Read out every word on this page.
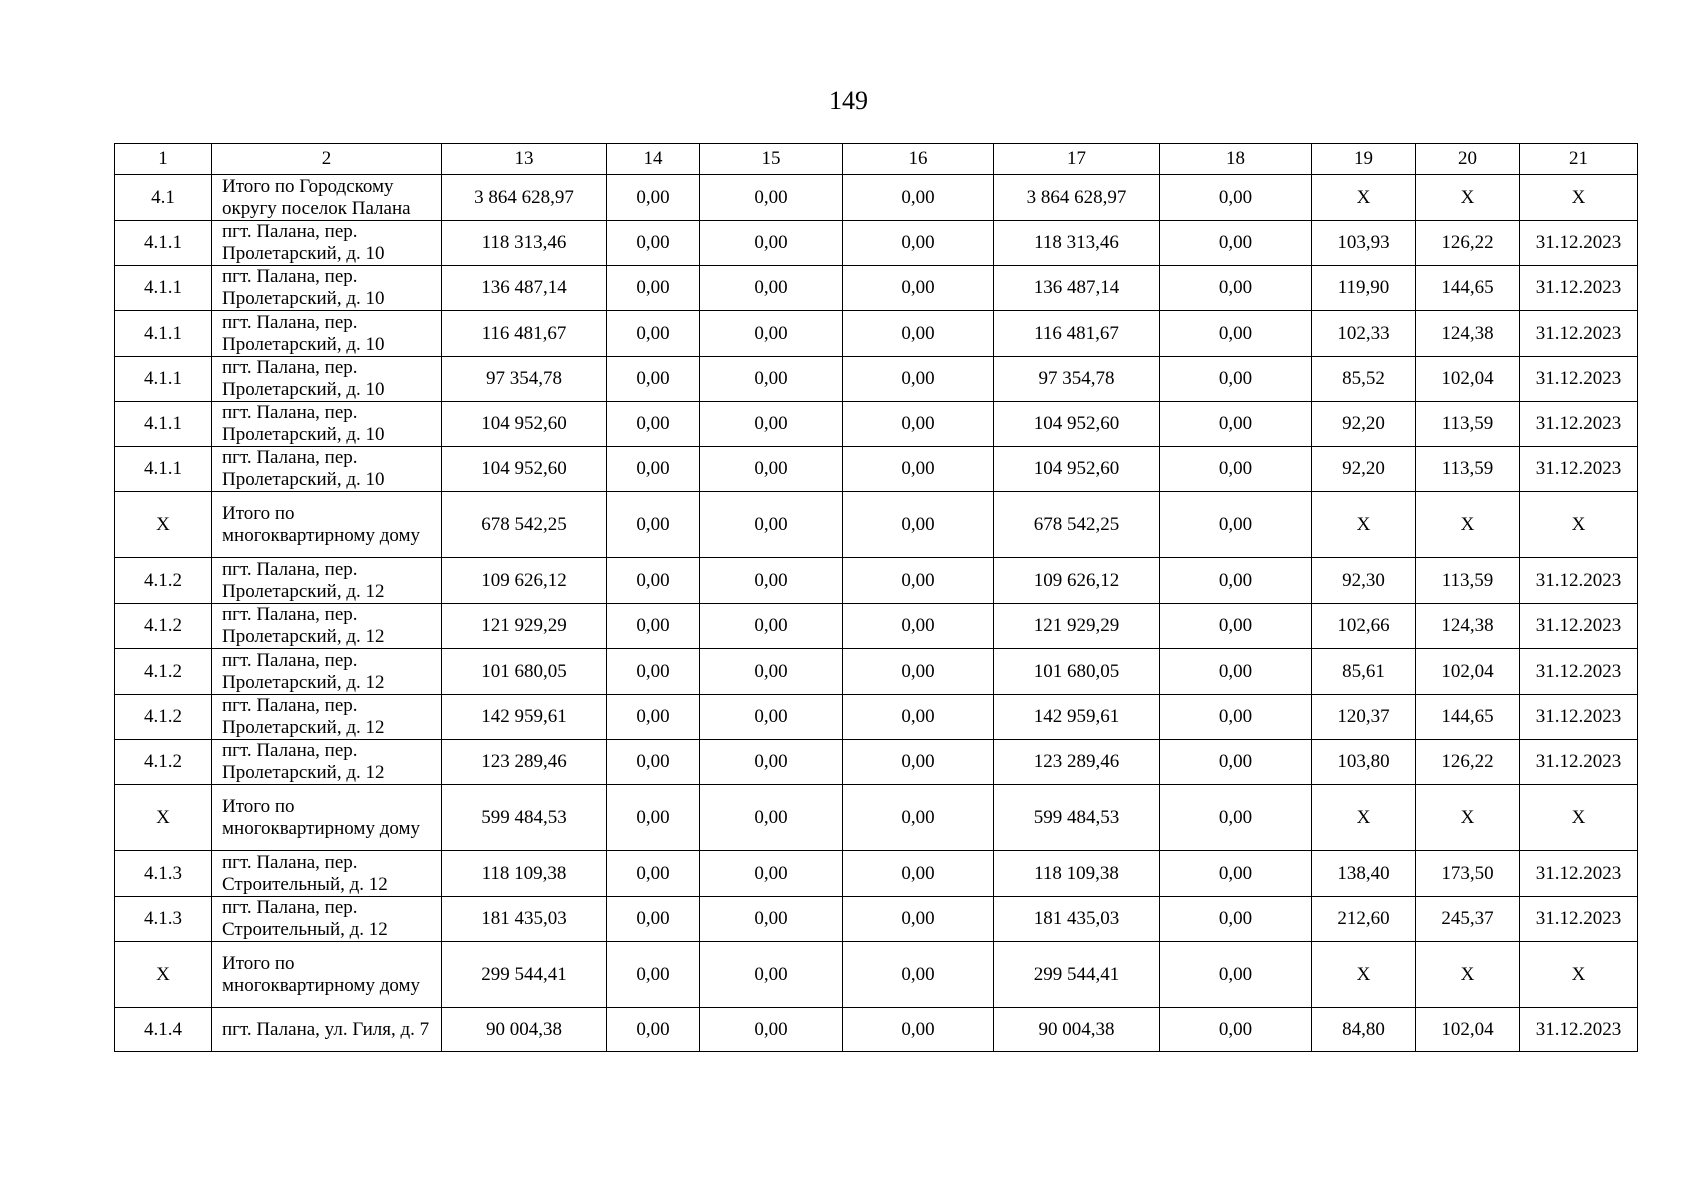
149
1	2	13	14	15	16	17	18	19	20	21
4.1	Итого по Городскому округу поселок Палана	3 864 628,97	0,00	0,00	0,00	3 864 628,97	0,00	Х	Х	Х
4.1.1	пгт. Палана, пер. Пролетарский, д. 10	118 313,46	0,00	0,00	0,00	118 313,46	0,00	103,93	126,22	31.12.2023
4.1.1	пгт. Палана, пер. Пролетарский, д. 10	136 487,14	0,00	0,00	0,00	136 487,14	0,00	119,90	144,65	31.12.2023
4.1.1	пгт. Палана, пер. Пролетарский, д. 10	116 481,67	0,00	0,00	0,00	116 481,67	0,00	102,33	124,38	31.12.2023
4.1.1	пгт. Палана, пер. Пролетарский, д. 10	97 354,78	0,00	0,00	0,00	97 354,78	0,00	85,52	102,04	31.12.2023
4.1.1	пгт. Палана, пер. Пролетарский, д. 10	104 952,60	0,00	0,00	0,00	104 952,60	0,00	92,20	113,59	31.12.2023
4.1.1	пгт. Палана, пер. Пролетарский, д. 10	104 952,60	0,00	0,00	0,00	104 952,60	0,00	92,20	113,59	31.12.2023
Х	Итого по многоквартирному дому	678 542,25	0,00	0,00	0,00	678 542,25	0,00	Х	Х	Х
4.1.2	пгт. Палана, пер. Пролетарский, д. 12	109 626,12	0,00	0,00	0,00	109 626,12	0,00	92,30	113,59	31.12.2023
4.1.2	пгт. Палана, пер. Пролетарский, д. 12	121 929,29	0,00	0,00	0,00	121 929,29	0,00	102,66	124,38	31.12.2023
4.1.2	пгт. Палана, пер. Пролетарский, д. 12	101 680,05	0,00	0,00	0,00	101 680,05	0,00	85,61	102,04	31.12.2023
4.1.2	пгт. Палана, пер. Пролетарский, д. 12	142 959,61	0,00	0,00	0,00	142 959,61	0,00	120,37	144,65	31.12.2023
4.1.2	пгт. Палана, пер. Пролетарский, д. 12	123 289,46	0,00	0,00	0,00	123 289,46	0,00	103,80	126,22	31.12.2023
Х	Итого по многоквартирному дому	599 484,53	0,00	0,00	0,00	599 484,53	0,00	Х	Х	Х
4.1.3	пгт. Палана, пер. Строительный, д. 12	118 109,38	0,00	0,00	0,00	118 109,38	0,00	138,40	173,50	31.12.2023
4.1.3	пгт. Палана, пер. Строительный, д. 12	181 435,03	0,00	0,00	0,00	181 435,03	0,00	212,60	245,37	31.12.2023
Х	Итого по многоквартирному дому	299 544,41	0,00	0,00	0,00	299 544,41	0,00	Х	Х	Х
4.1.4	пгт. Палана, ул. Гиля, д. 7	90 004,38	0,00	0,00	0,00	90 004,38	0,00	84,80	102,04	31.12.2023
